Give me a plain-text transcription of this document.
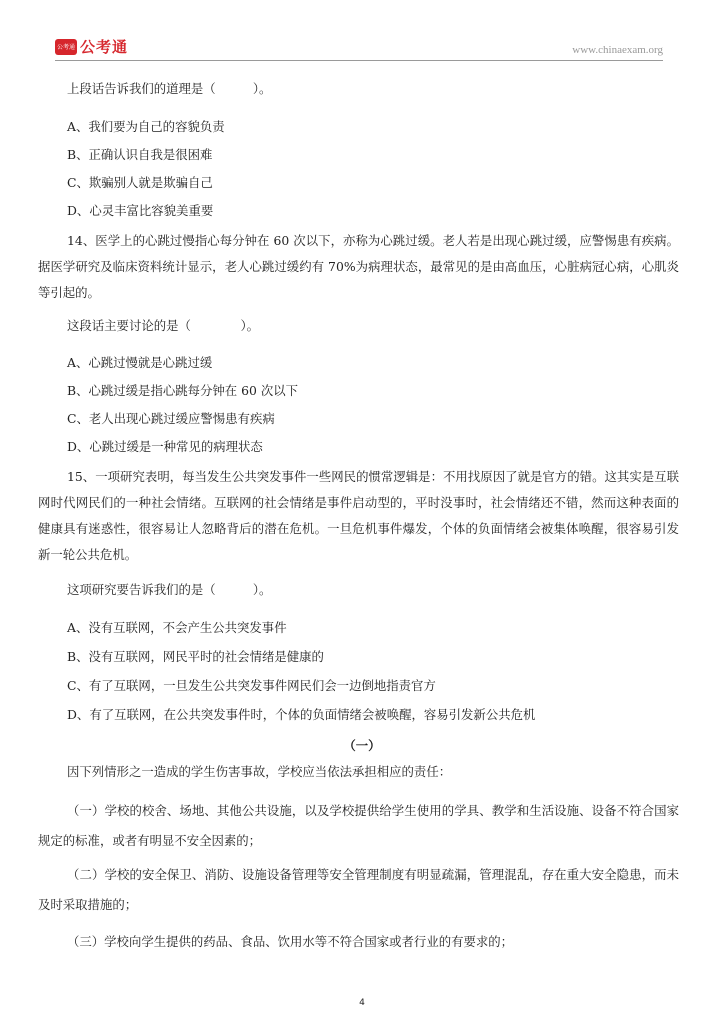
公考通 公考通	www.chinaexam.org
上段话告诉我们的道理是（　　　）。
A、我们要为自己的容貌负责
B、正确认识自我是很困难
C、欺骗别人就是欺骗自己
D、心灵丰富比容貌美重要
14、医学上的心跳过慢指心每分钟在 60 次以下，亦称为心跳过缓。老人若是出现心跳过缓，应警惕患有疾病。据医学研究及临床资料统计显示，老人心跳过缓约有 70%为病理状态，最常见的是由高血压，心脏病冠心病，心肌炎等引起的。
这段话主要讨论的是（　　　　）。
A、心跳过慢就是心跳过缓
B、心跳过缓是指心跳每分钟在 60 次以下
C、老人出现心跳过缓应警惕患有疾病
D、心跳过缓是一种常见的病理状态
15、一项研究表明，每当发生公共突发事件一些网民的惯常逻辑是：不用找原因了就是官方的错。这其实是互联网时代网民们的一种社会情绪。互联网的社会情绪是事件启动型的，平时没事时，社会情绪还不错，然而这种表面的健康具有迷惑性，很容易让人忽略背后的潜在危机。一旦危机事件爆发，个体的负面情绪会被集体唤醒，很容易引发新一轮公共危机。
这项研究要告诉我们的是（　　　）。
A、没有互联网，不会产生公共突发事件
B、没有互联网，网民平时的社会情绪是健康的
C、有了互联网，一旦发生公共突发事件网民们会一边倒地指责官方
D、有了互联网，在公共突发事件时，个体的负面情绪会被唤醒，容易引发新公共危机
（一）
因下列情形之一造成的学生伤害事故，学校应当依法承担相应的责任：
（一）学校的校舍、场地、其他公共设施，以及学校提供给学生使用的学具、教学和生活设施、设备不符合国家规定的标准，或者有明显不安全因素的；
（二）学校的安全保卫、消防、设施设备管理等安全管理制度有明显疏漏，管理混乱，存在重大安全隐患，而未及时采取措施的；
（三）学校向学生提供的药品、食品、饮用水等不符合国家或者行业的有要求的；
4
